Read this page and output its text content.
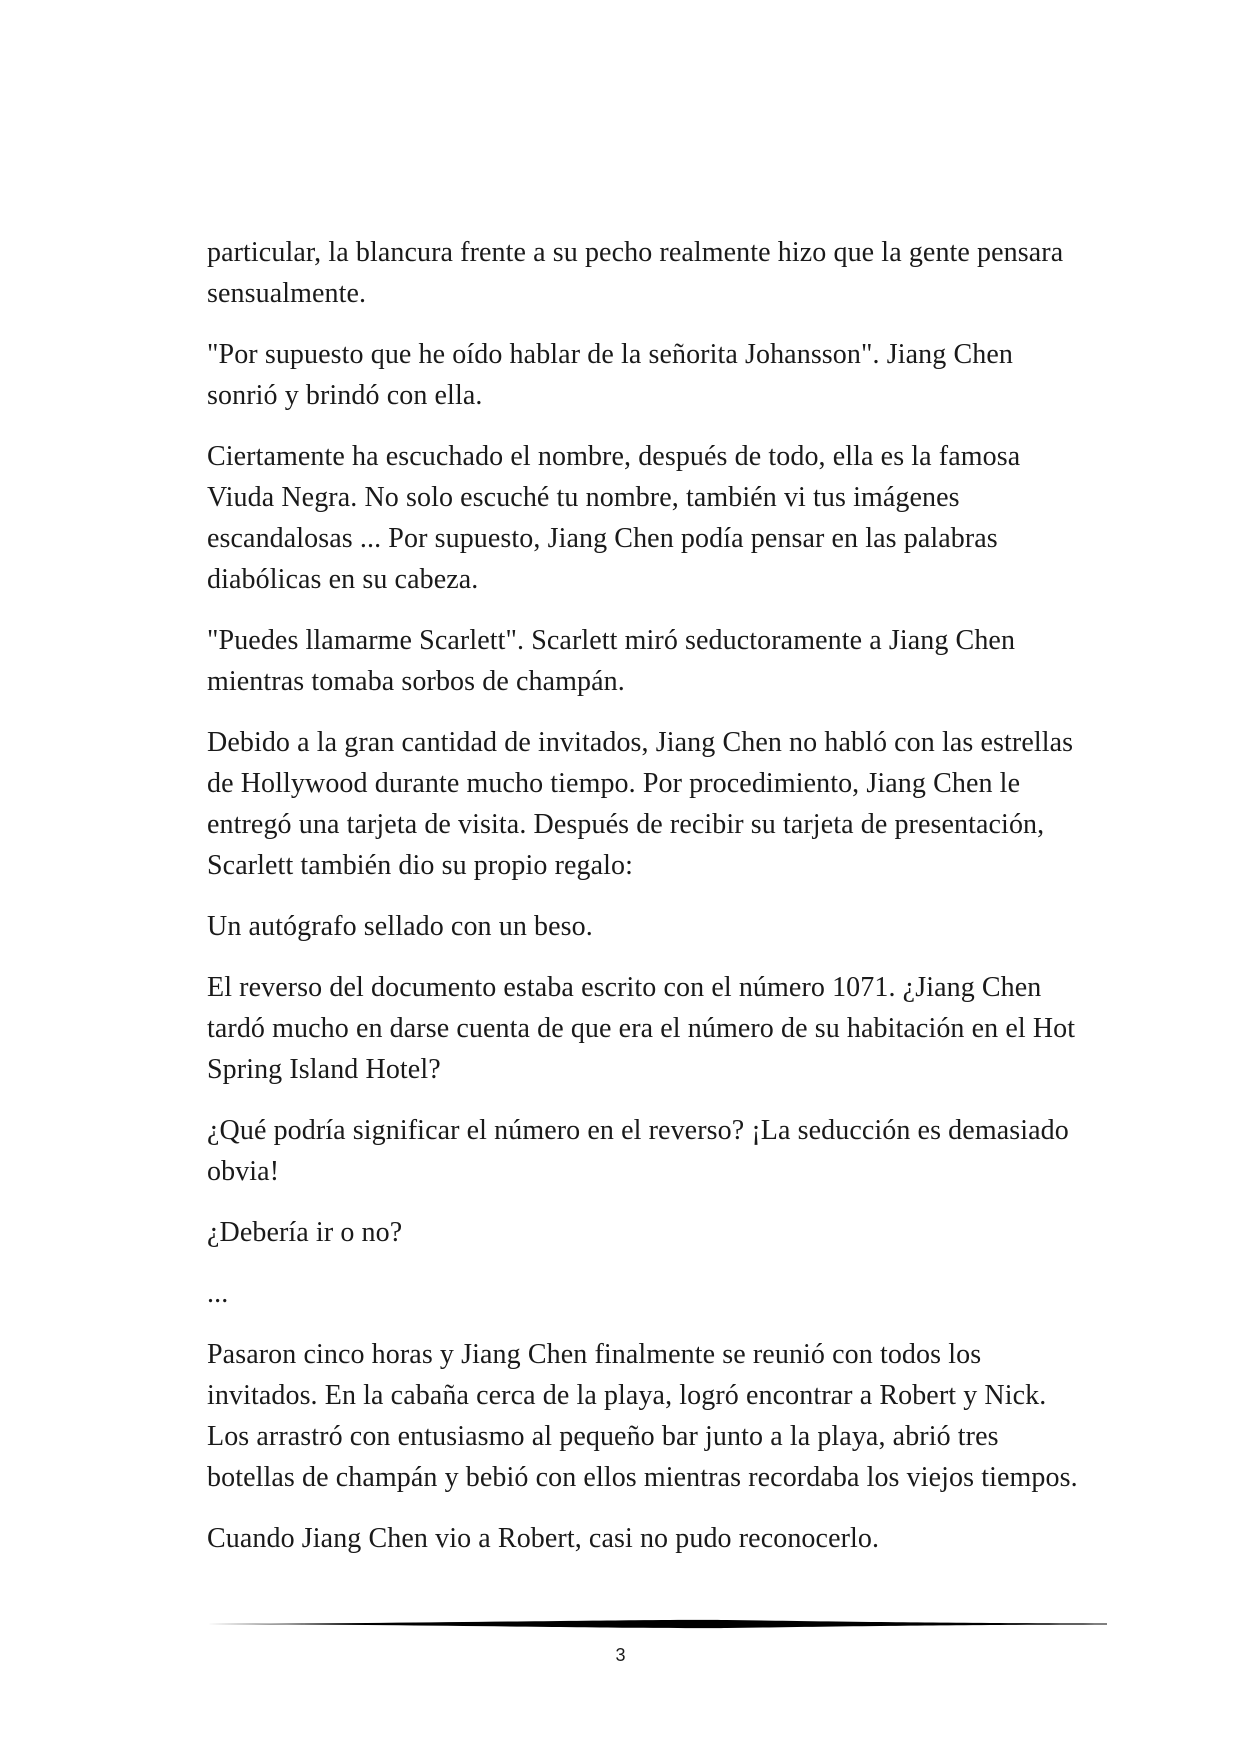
particular, la blancura frente a su pecho realmente hizo que la gente pensara sensualmente.

"Por supuesto que he oído hablar de la señorita Johansson". Jiang Chen sonrió y brindó con ella.

Ciertamente ha escuchado el nombre, después de todo, ella es la famosa Viuda Negra. No solo escuché tu nombre, también vi tus imágenes escandalosas ... Por supuesto, Jiang Chen podía pensar en las palabras diabólicas en su cabeza.

"Puedes llamarme Scarlett". Scarlett miró seductoramente a Jiang Chen mientras tomaba sorbos de champán.

Debido a la gran cantidad de invitados, Jiang Chen no habló con las estrellas de Hollywood durante mucho tiempo. Por procedimiento, Jiang Chen le entregó una tarjeta de visita. Después de recibir su tarjeta de presentación, Scarlett también dio su propio regalo:

Un autógrafo sellado con un beso.

El reverso del documento estaba escrito con el número 1071. ¿Jiang Chen tardó mucho en darse cuenta de que era el número de su habitación en el Hot Spring Island Hotel?

¿Qué podría significar el número en el reverso? ¡La seducción es demasiado obvia!

¿Debería ir o no?

...

Pasaron cinco horas y Jiang Chen finalmente se reunió con todos los invitados. En la cabaña cerca de la playa, logró encontrar a Robert y Nick. Los arrastró con entusiasmo al pequeño bar junto a la playa, abrió tres botellas de champán y bebió con ellos mientras recordaba los viejos tiempos.

Cuando Jiang Chen vio a Robert, casi no pudo reconocerlo.

3
